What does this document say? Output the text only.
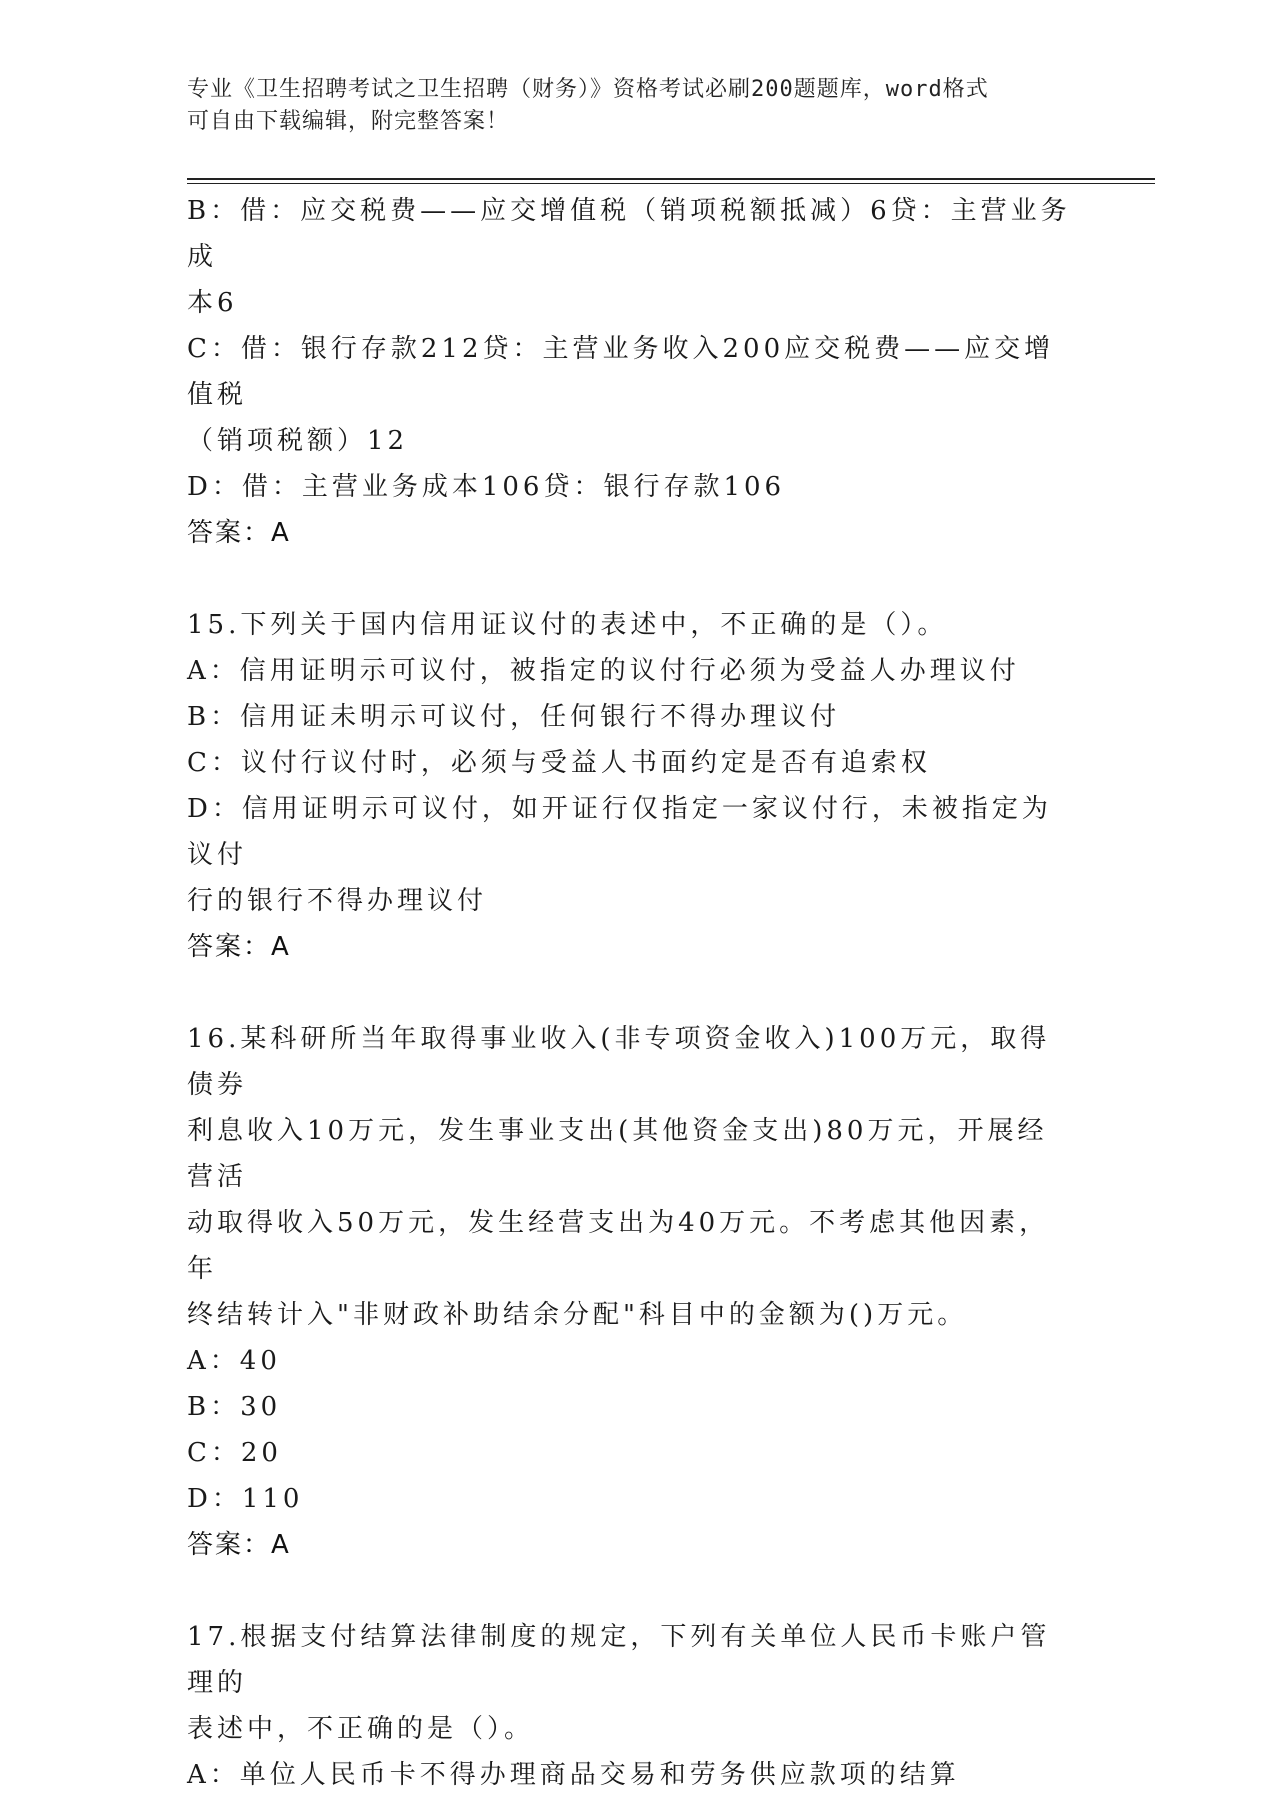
专业《卫生招聘考试之卫生招聘（财务）》资格考试必刷200题题库，word格式
可自由下载编辑，附完整答案！
B：借：应交税费——应交增值税（销项税额抵减）6贷：主营业务成
本6
C：借：银行存款212贷：主营业务收入200应交税费——应交增值税
（销项税额）12
D：借：主营业务成本106贷：银行存款106
答案：A
15.下列关于国内信用证议付的表述中，不正确的是（）。
A：信用证明示可议付，被指定的议付行必须为受益人办理议付
B：信用证未明示可议付，任何银行不得办理议付
C：议付行议付时，必须与受益人书面约定是否有追索权
D：信用证明示可议付，如开证行仅指定一家议付行，未被指定为议付
行的银行不得办理议付
答案：A
16.某科研所当年取得事业收入(非专项资金收入)100万元，取得债券
利息收入10万元，发生事业支出(其他资金支出)80万元，开展经营活
动取得收入50万元，发生经营支出为40万元。不考虑其他因素，年
终结转计入"非财政补助结余分配"科目中的金额为()万元。
A：40
B：30
C：20
D：110
答案：A
17.根据支付结算法律制度的规定，下列有关单位人民币卡账户管理的
表述中，不正确的是（）。
A：单位人民币卡不得办理商品交易和劳务供应款项的结算
